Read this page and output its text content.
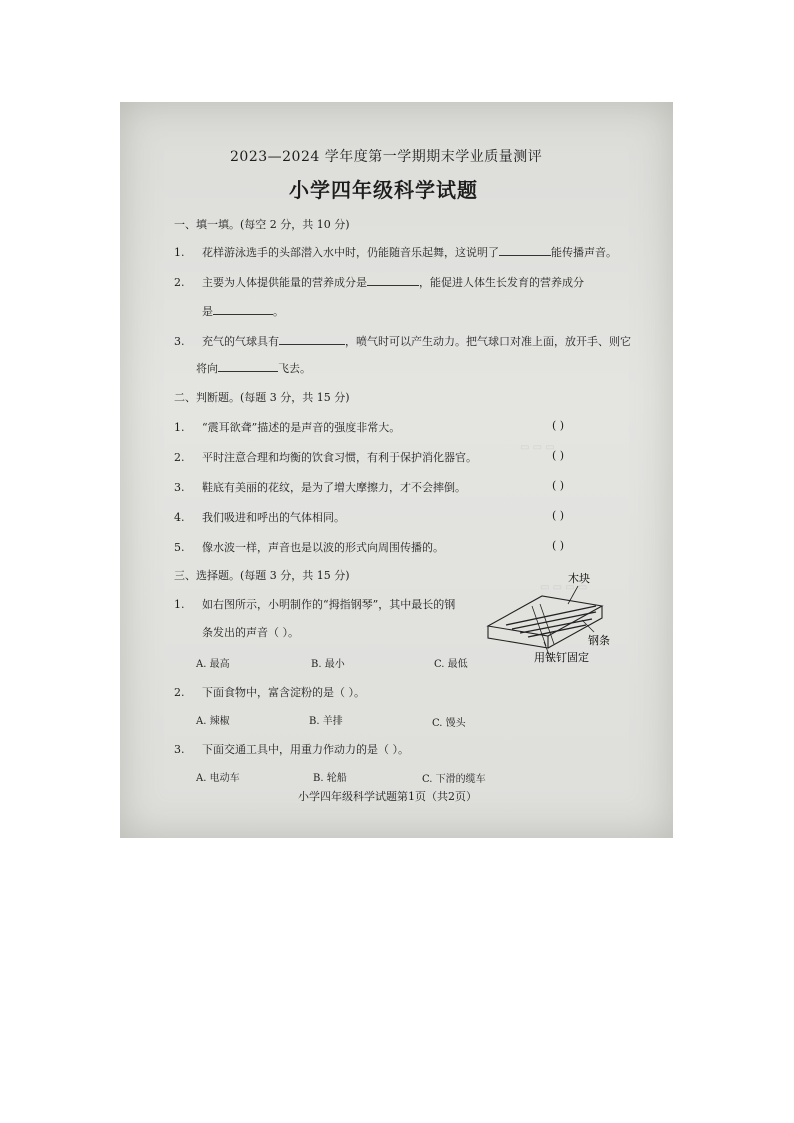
▭ ▭ ▭
▭ ▭ ▭ ▭
2023—2024 学年度第一学期期末学业质量测评
小学四年级科学试题
一、填一填。(每空 2 分，共 10 分)
1. 花样游泳选手的头部潜入水中时，仍能随音乐起舞，这说明了	能传播声音。
2. 主要为人体提供能量的营养成分是	，能促进人体生长发育的营养成分
是	。
3. 充气的气球具有	，喷气时可以产生动力。把气球口对准上面，放开手、则它
将向	飞去。
二、判断题。(每题 3 分，共 15 分)
1. “震耳欲聋”描述的是声音的强度非常大。	( )
2. 平时注意合理和均衡的饮食习惯，有利于保护消化器官。	( )
3. 鞋底有美丽的花纹，是为了增大摩擦力，才不会摔倒。	( )
4. 我们吸进和呼出的气体相同。	( )
5. 像水波一样，声音也是以波的形式向周围传播的。	( )
三、选择题。(每题 3 分，共 15 分)
1. 如右图所示，小明制作的“拇指钢琴”，其中最长的钢
条发出的声音（ ）。
A. 最高	B. 最小	C. 最低
2. 下面食物中，富含淀粉的是（ ）。
A. 辣椒	B. 羊排	C. 馒头
3. 下面交通工具中，用重力作动力的是（ ）。
A. 电动车	B. 轮船	C. 下滑的缆车
小学四年级科学试题第1页（共2页）
木块
钢条
用铁钉固定
